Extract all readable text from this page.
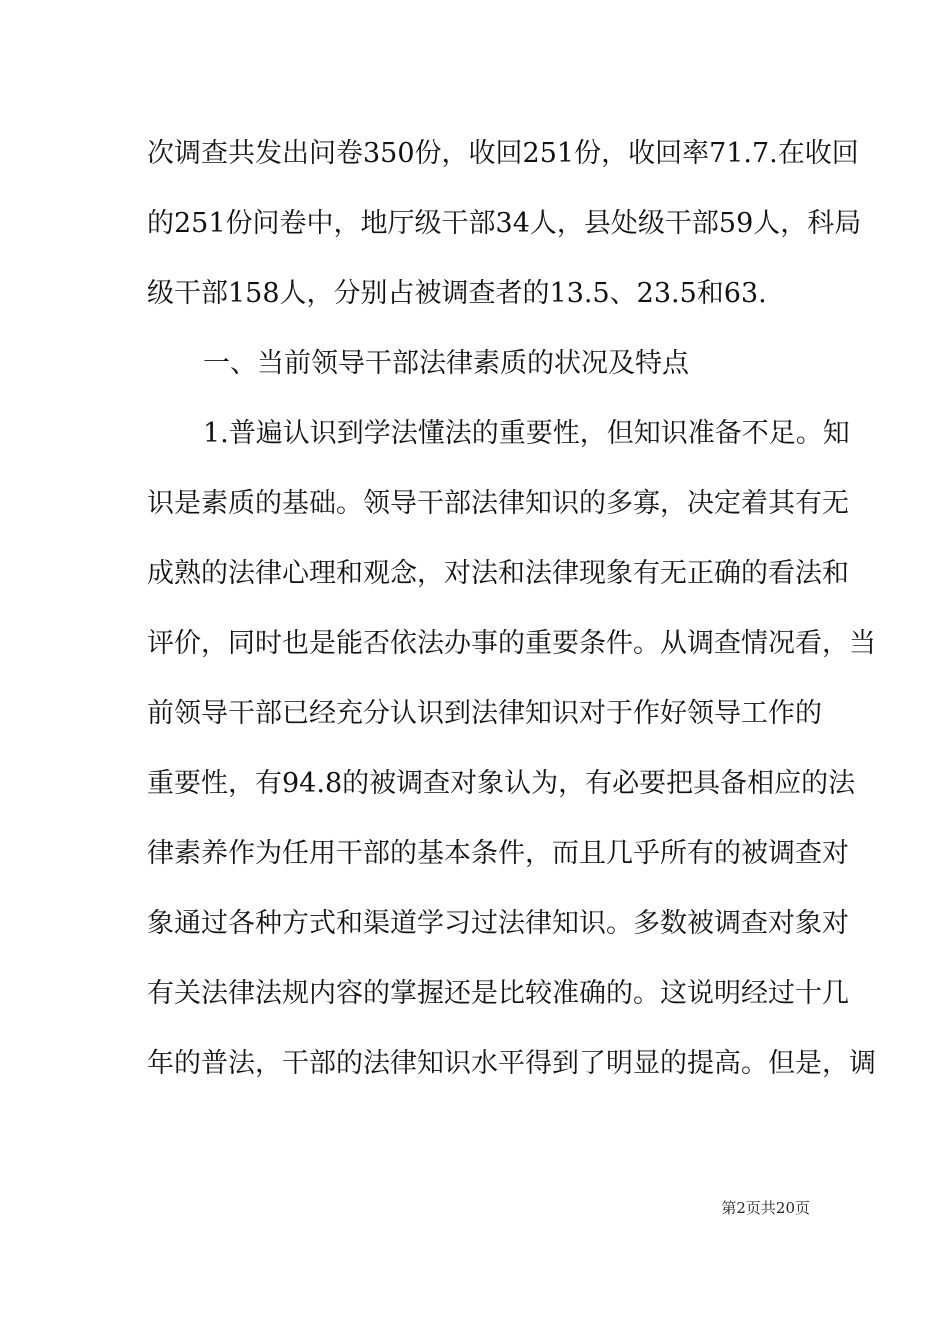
次调查共发出问卷350份，收回251份，收回率71.7.在收回
的251份问卷中，地厅级干部34人，县处级干部59人，科局
级干部158人，分别占被调查者的13.5、23.5和63.
一、当前领导干部法律素质的状况及特点
1.普遍认识到学法懂法的重要性，但知识准备不足。知
识是素质的基础。领导干部法律知识的多寡，决定着其有无
成熟的法律心理和观念，对法和法律现象有无正确的看法和
评价，同时也是能否依法办事的重要条件。从调查情况看，当
前领导干部已经充分认识到法律知识对于作好领导工作的
重要性，有94.8的被调查对象认为，有必要把具备相应的法
律素养作为任用干部的基本条件，而且几乎所有的被调查对
象通过各种方式和渠道学习过法律知识。多数被调查对象对
有关法律法规内容的掌握还是比较准确的。这说明经过十几
年的普法，干部的法律知识水平得到了明显的提高。但是，调
第2页共20页
